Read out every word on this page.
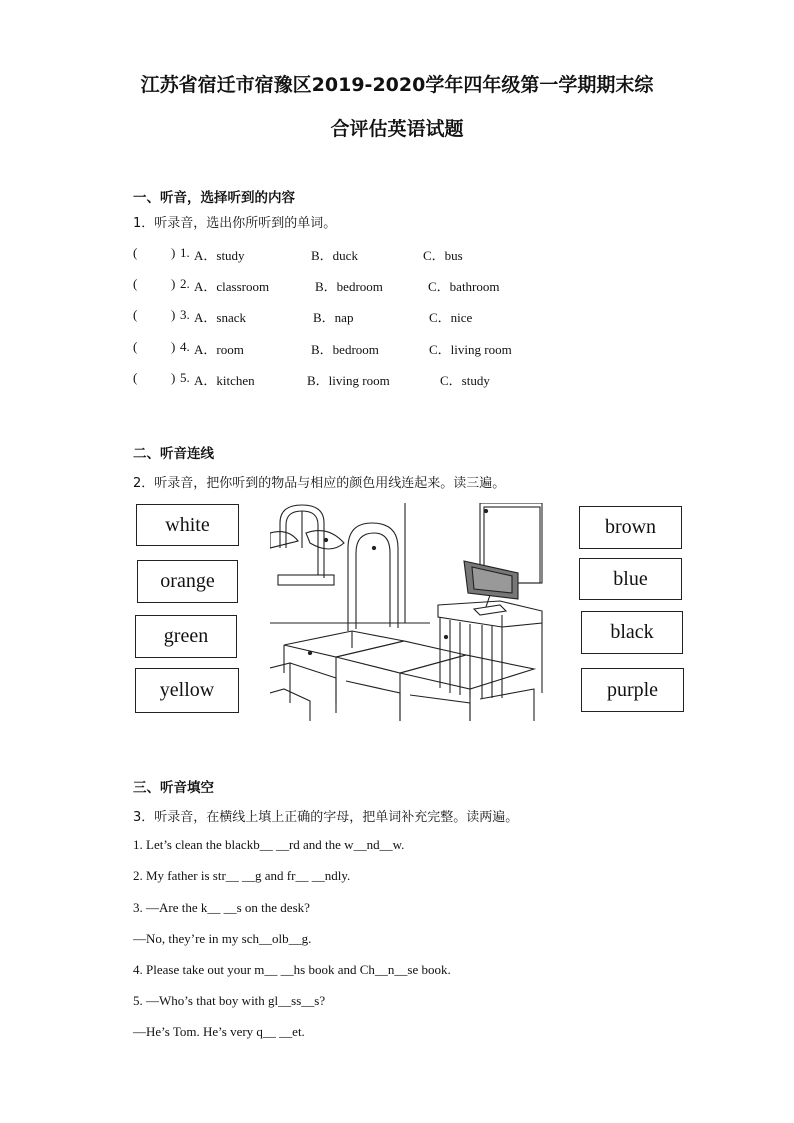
江苏省宿迁市宿豫区2019-2020学年四年级第一学期期末综
合评估英语试题
一、听音，选择听到的内容
1．听录音，选出你所听到的单词。
(	) 1. A．study	B．duck	C．bus
(	) 2. A．classroom	B．bedroom	C．bathroom
(	) 3. A．snack	B．nap	C．nice
(	) 4. A．room	B．bedroom	C．living room
(	) 5. A．kitchen	B．living room	C．study
二、听音连线
2．听录音，把你听到的物品与相应的颜色用线连起来。读三遍。
white
orange
green
yellow
brown
blue
black
purple
三、听音填空
3．听录音，在横线上填上正确的字母，把单词补充完整。读两遍。
1. Let’s clean the blackb__ __rd and the w__nd__w.
2. My father is str__ __g and fr__ __ndly.
3. —Are the k__ __s on the desk?
—No, they’re in my sch__olb__g.
4. Please take out your m__ __hs book and Ch__n__se book.
5. —Who’s that boy with gl__ss__s?
—He’s Tom. He’s very q__ __et.
